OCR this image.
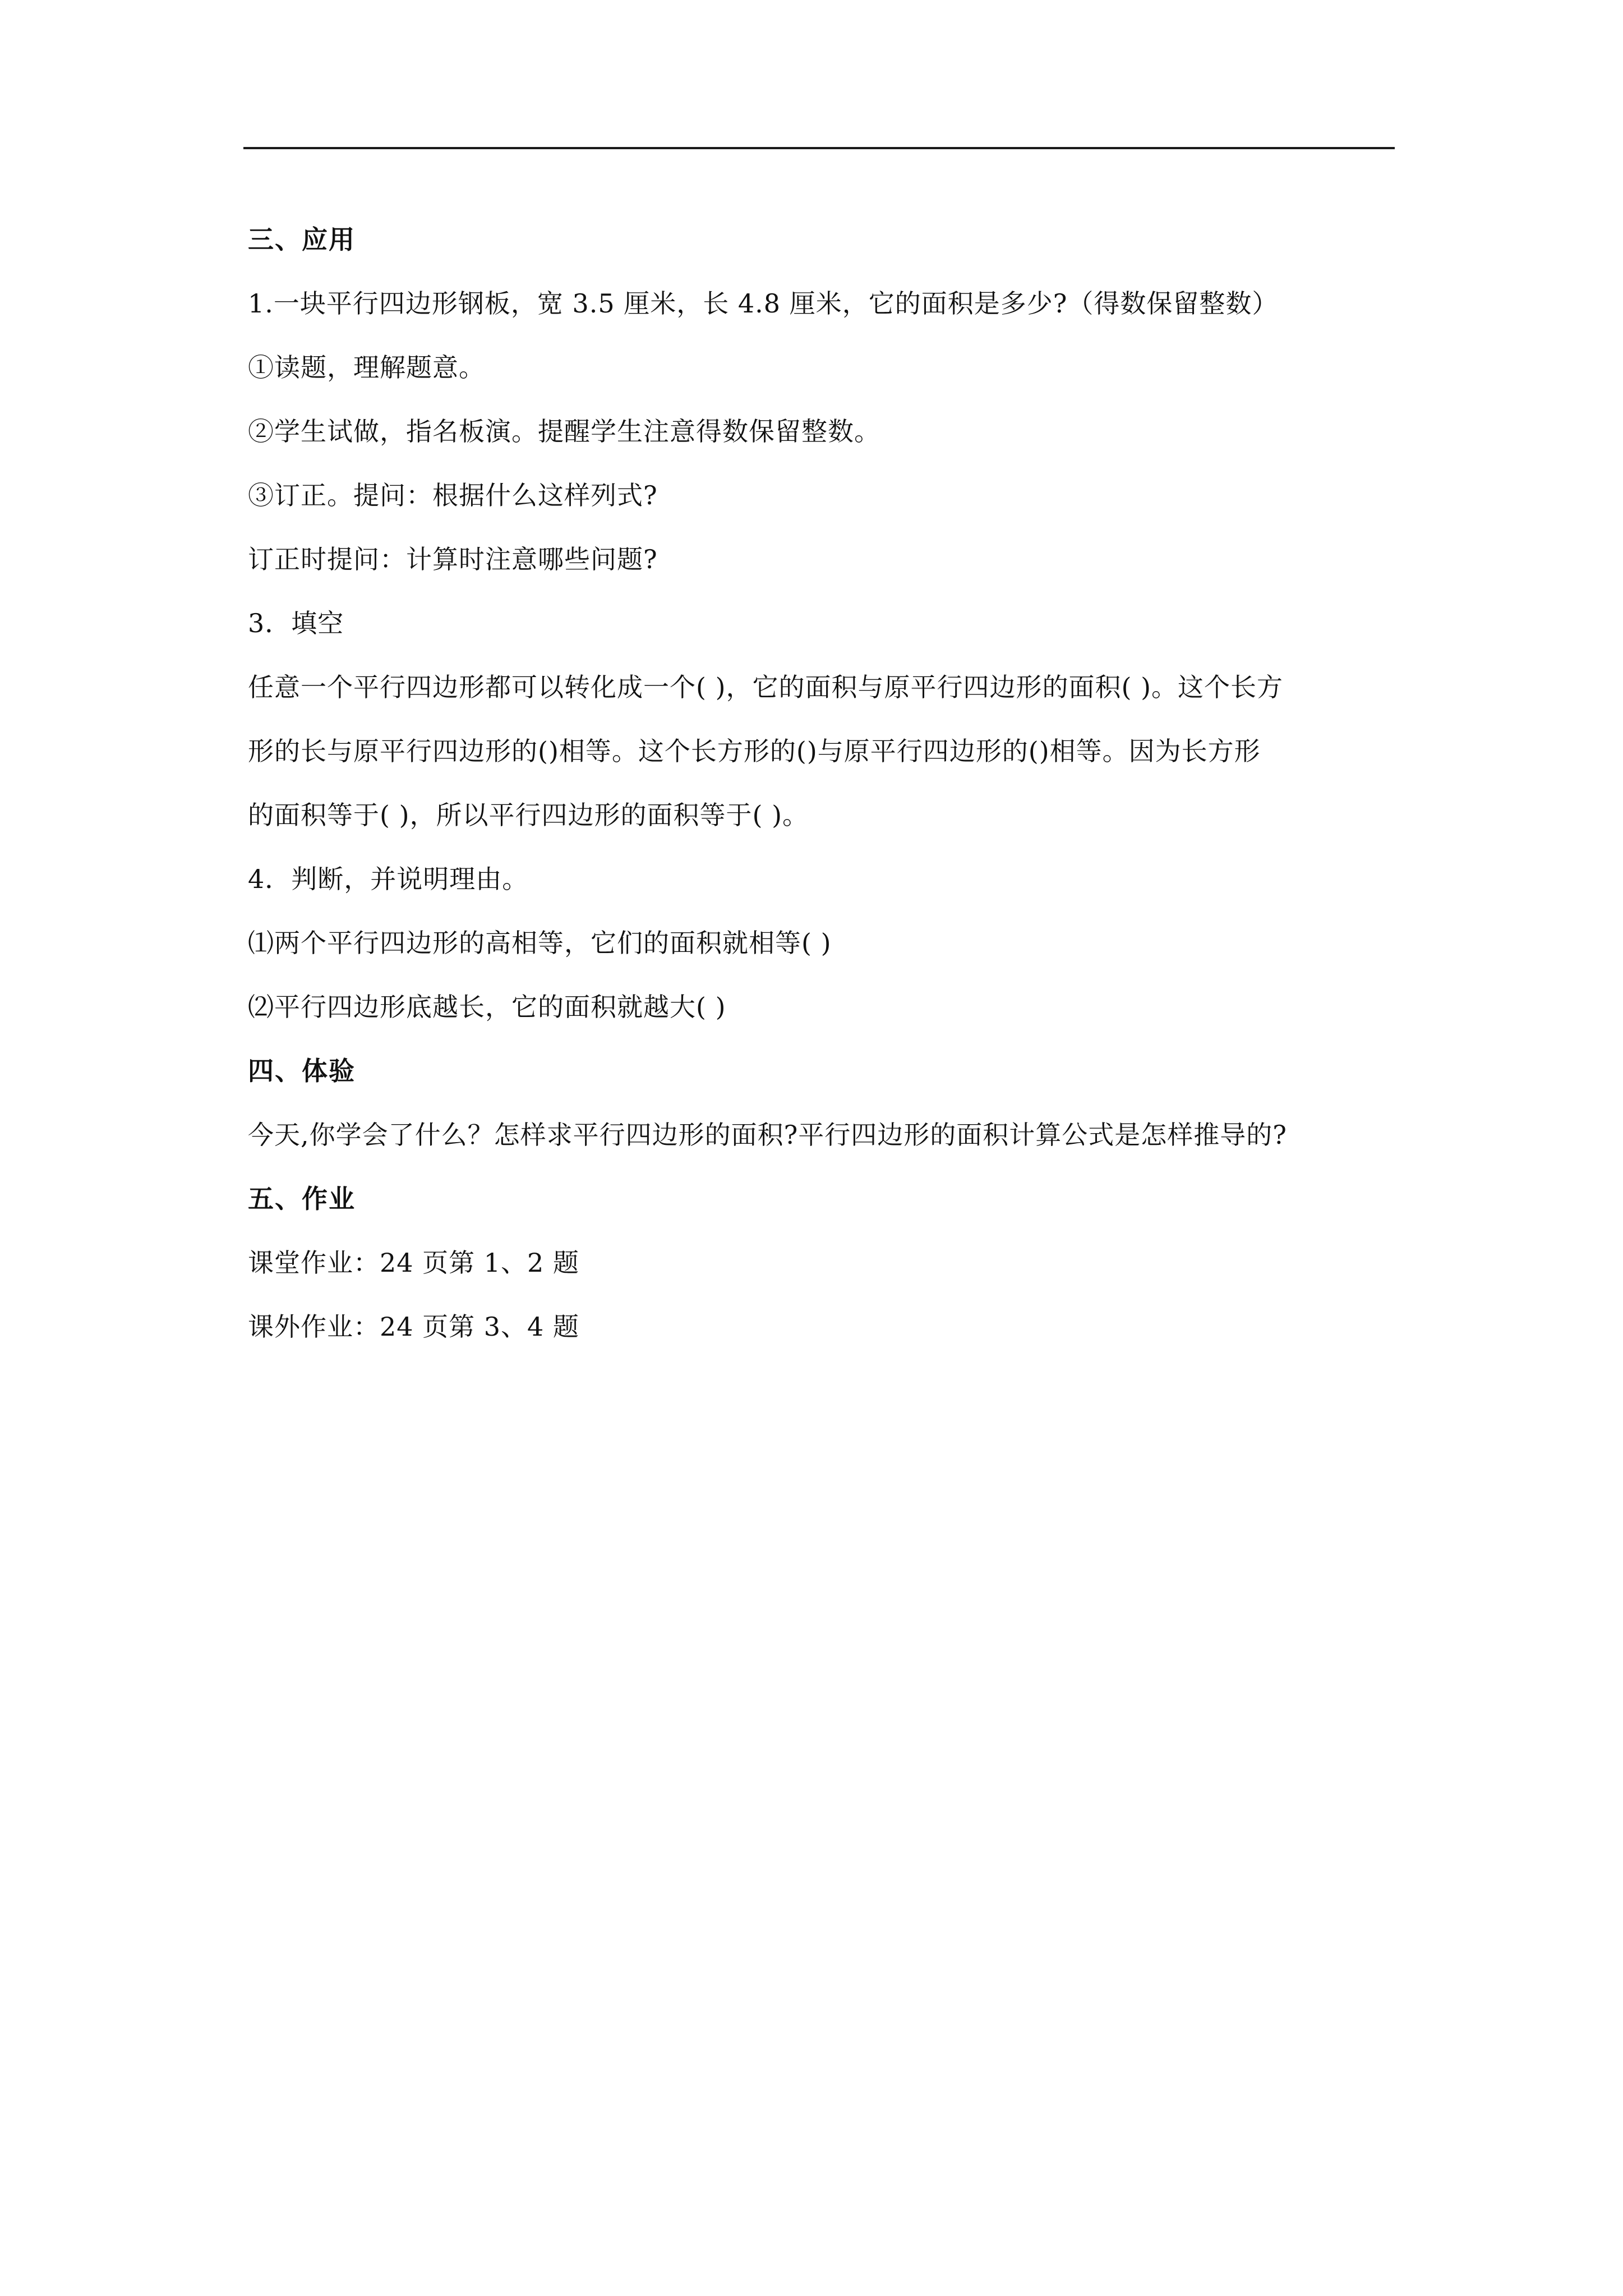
三、应用
1.一块平行四边形钢板，宽 3.5 厘米，长 4.8 厘米，它的面积是多少?（得数保留整数）
①读题，理解题意。
②学生试做，指名板演。提醒学生注意得数保留整数。
③订正。提问：根据什么这样列式?
订正时提问：计算时注意哪些问题?
3．填空
任意一个平行四边形都可以转化成一个( )，它的面积与原平行四边形的面积( )。这个长方
形的长与原平行四边形的()相等。这个长方形的()与原平行四边形的()相等。因为长方形
的面积等于( )，所以平行四边形的面积等于( )。
4．判断，并说明理由。
⑴两个平行四边形的高相等，它们的面积就相等( )
⑵平行四边形底越长，它的面积就越大( )
四、体验
今天,你学会了什么？怎样求平行四边形的面积?平行四边形的面积计算公式是怎样推导的?
五、作业
课堂作业：24 页第 1、2 题
课外作业：24 页第 3、4 题
